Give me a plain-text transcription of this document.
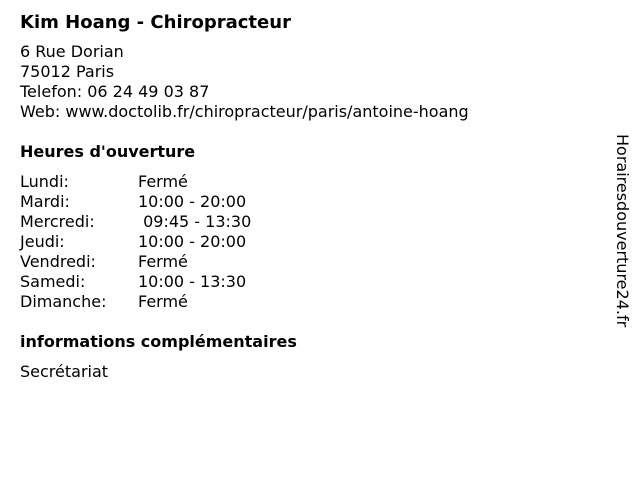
Kim Hoang - Chiropracteur
6 Rue Dorian
75012 Paris
Telefon: 06 24 49 03 87
Web: www.doctolib.fr/chiropracteur/paris/antoine-hoang
Heures d'ouverture
Lundi:	Fermé
Mardi:	10:00 - 20:00
Mercredi:	09:45 - 13:30
Jeudi:	10:00 - 20:00
Vendredi:	Fermé
Samedi:	10:00 - 13:30
Dimanche:	Fermé
informations complémentaires
Secrétariat
Horairesdouverture24.fr
